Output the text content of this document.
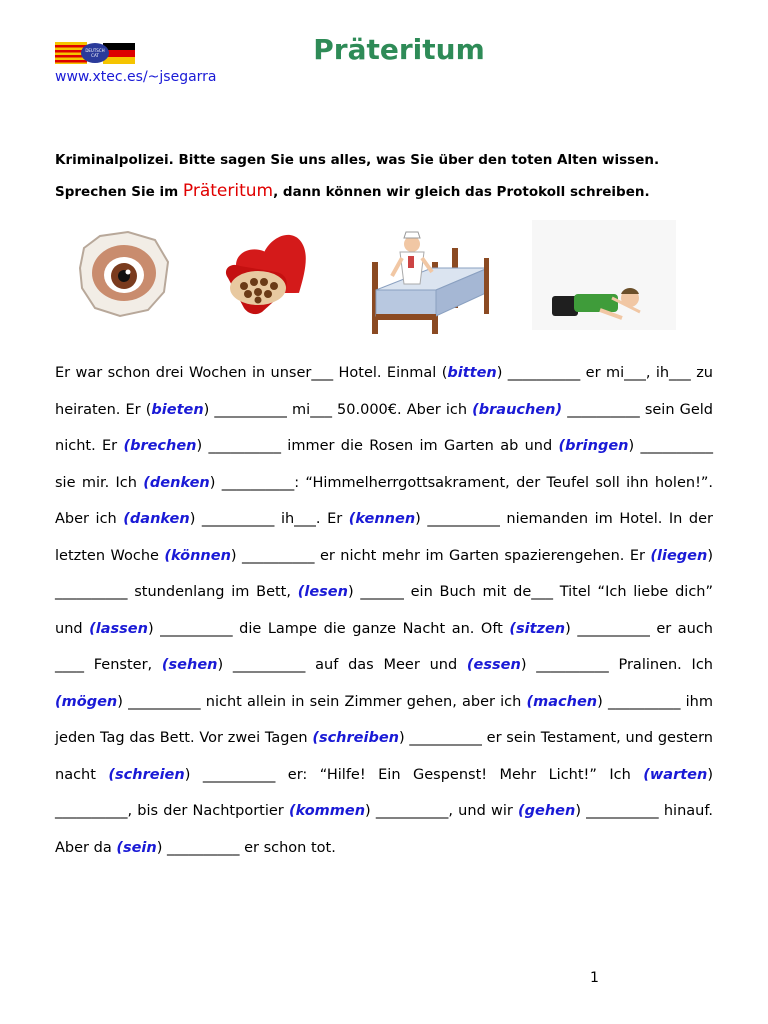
DEUTSCH
CAT
www.xtec.es/~jsegarra
Präteritum
Kriminalpolizei. Bitte sagen Sie uns alles, was Sie über den toten Alten wissen.
Sprechen Sie im Präteritum, dann können wir gleich das Protokoll schreiben.
Er war schon drei Wochen in unser___ Hotel. Einmal (bitten) __________ er mi___, ih___ zu heiraten. Er (bieten) __________ mi___ 50.000€. Aber ich (brauchen) __________ sein Geld nicht. Er (brechen) __________ immer die Rosen im Garten ab und (bringen) __________ sie mir. Ich (denken) __________: “Himmelherrgottsakrament, der Teufel soll ihn holen!”. Aber ich (danken) __________ ih___. Er (kennen) __________ niemanden im Hotel. In der letzten Woche (können) __________ er nicht mehr im Garten spazierengehen. Er (liegen) __________ stundenlang im Bett, (lesen) ______ ein Buch mit de___ Titel “Ich liebe dich” und (lassen) __________ die Lampe die ganze Nacht an. Oft (sitzen) __________ er auch ____ Fenster, (sehen) __________ auf das Meer und (essen) __________ Pralinen. Ich (mögen) __________ nicht allein in sein Zimmer gehen, aber ich (machen) __________ ihm jeden Tag das Bett. Vor zwei Tagen (schreiben) __________ er sein Testament, und gestern nacht (schreien) __________ er: “Hilfe! Ein Gespenst! Mehr Licht!” Ich (warten) __________, bis der Nachtportier (kommen) __________, und wir (gehen) __________ hinauf. Aber da (sein) __________ er schon tot.
1
